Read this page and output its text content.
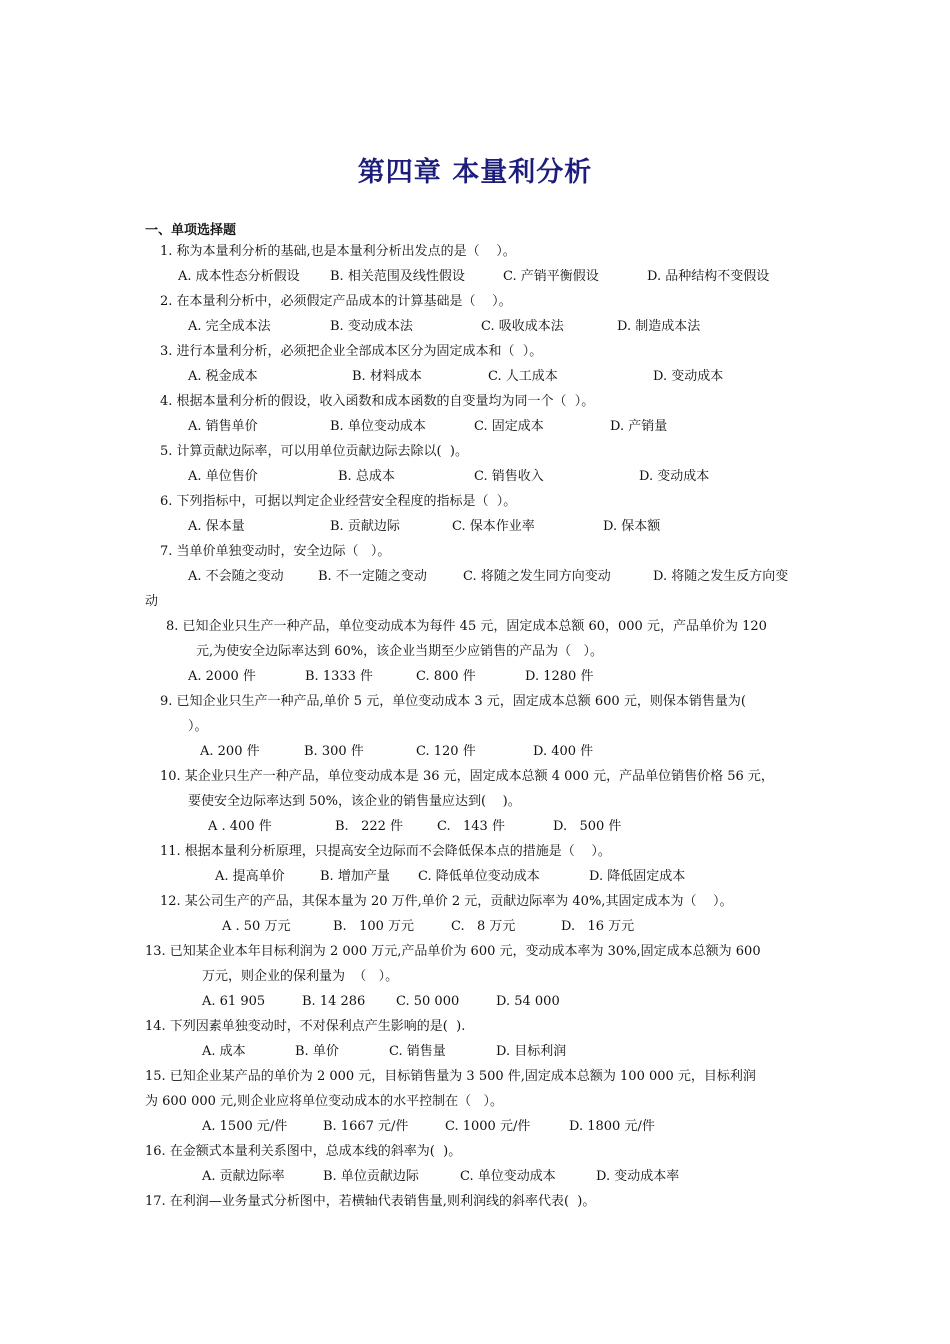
第四章 本量利分析
一、单项选择题
1. 称为本量利分析的基础,也是本量利分析出发点的是（    ）。
A. 成本性态分析假设 B. 相关范围及线性假设	C. 产销平衡假设	D. 品种结构不变假设
2. 在本量利分析中，必须假定产品成本的计算基础是（    ）。
A. 完全成本法	B. 变动成本法	C. 吸收成本法	D. 制造成本法
3. 进行本量利分析，必须把企业全部成本区分为固定成本和（  ）。
A. 税金成本	B. 材料成本	C. 人工成本	D. 变动成本
4. 根据本量利分析的假设，收入函数和成本函数的自变量均为同一个（  ）。
A. 销售单价	B. 单位变动成本	C. 固定成本	D. 产销量
5. 计算贡献边际率，可以用单位贡献边际去除以(  )。
A. 单位售价	B. 总成本	C. 销售收入	D. 变动成本
6. 下列指标中，可据以判定企业经营安全程度的指标是（  ）。
A. 保本量	B. 贡献边际	C. 保本作业率	D. 保本额
7. 当单价单独变动时，安全边际（   ）。
A. 不会随之变动	B. 不一定随之变动	C. 将随之发生同方向变动	D. 将随之发生反方向变
动
8. 已知企业只生产一种产品，单位变动成本为每件 45 元，固定成本总额 60，000 元，产品单价为 120
元,为使安全边际率达到 60%，该企业当期至少应销售的产品为（   ）。
A. 2000 件	B. 1333 件	C. 800 件	D. 1280 件
9. 已知企业只生产一种产品,单价 5 元，单位变动成本 3 元，固定成本总额 600 元，则保本销售量为(
）。
A. 200 件	B. 300 件	C. 120 件	D. 400 件
10. 某企业只生产一种产品，单位变动成本是 36 元，固定成本总额 4 000 元，产品单位销售价格 56 元，
要使安全边际率达到 50%，该企业的销售量应达到(    )。
A . 400 件	B.   222 件	C.   143 件	D.   500 件
11. 根据本量利分析原理，只提高安全边际而不会降低保本点的措施是（    ）。
A. 提高单价	B. 增加产量 C. 降低单位变动成本	D. 降低固定成本
12. 某公司生产的产品，其保本量为 20 万件,单价 2 元，贡献边际率为 40%,其固定成本为（    ）。
A . 50 万元	B.   100 万元	C.   8 万元	D.   16 万元
13. 已知某企业本年目标利润为 2 000 万元,产品单价为 600 元，变动成本率为 30%,固定成本总额为 600
万元，则企业的保利量为  （   ）。
A. 61 905	B. 14 286 C. 50 000	D. 54 000
14. 下列因素单独变动时，不对保利点产生影响的是(  ).
A. 成本	B. 单价	C. 销售量	D. 目标利润
15. 已知企业某产品的单价为 2 000 元，目标销售量为 3 500 件,固定成本总额为 100 000 元，目标利润
为 600 000 元,则企业应将单位变动成本的水平控制在（   ）。
A. 1500 元/件	B. 1667 元/件	C. 1000 元/件	D. 1800 元/件
16. 在金额式本量利关系图中，总成本线的斜率为(  )。
A. 贡献边际率	B. 单位贡献边际	C. 单位变动成本	D. 变动成本率
17. 在利润—业务量式分析图中，若横轴代表销售量,则利润线的斜率代表(  )。
